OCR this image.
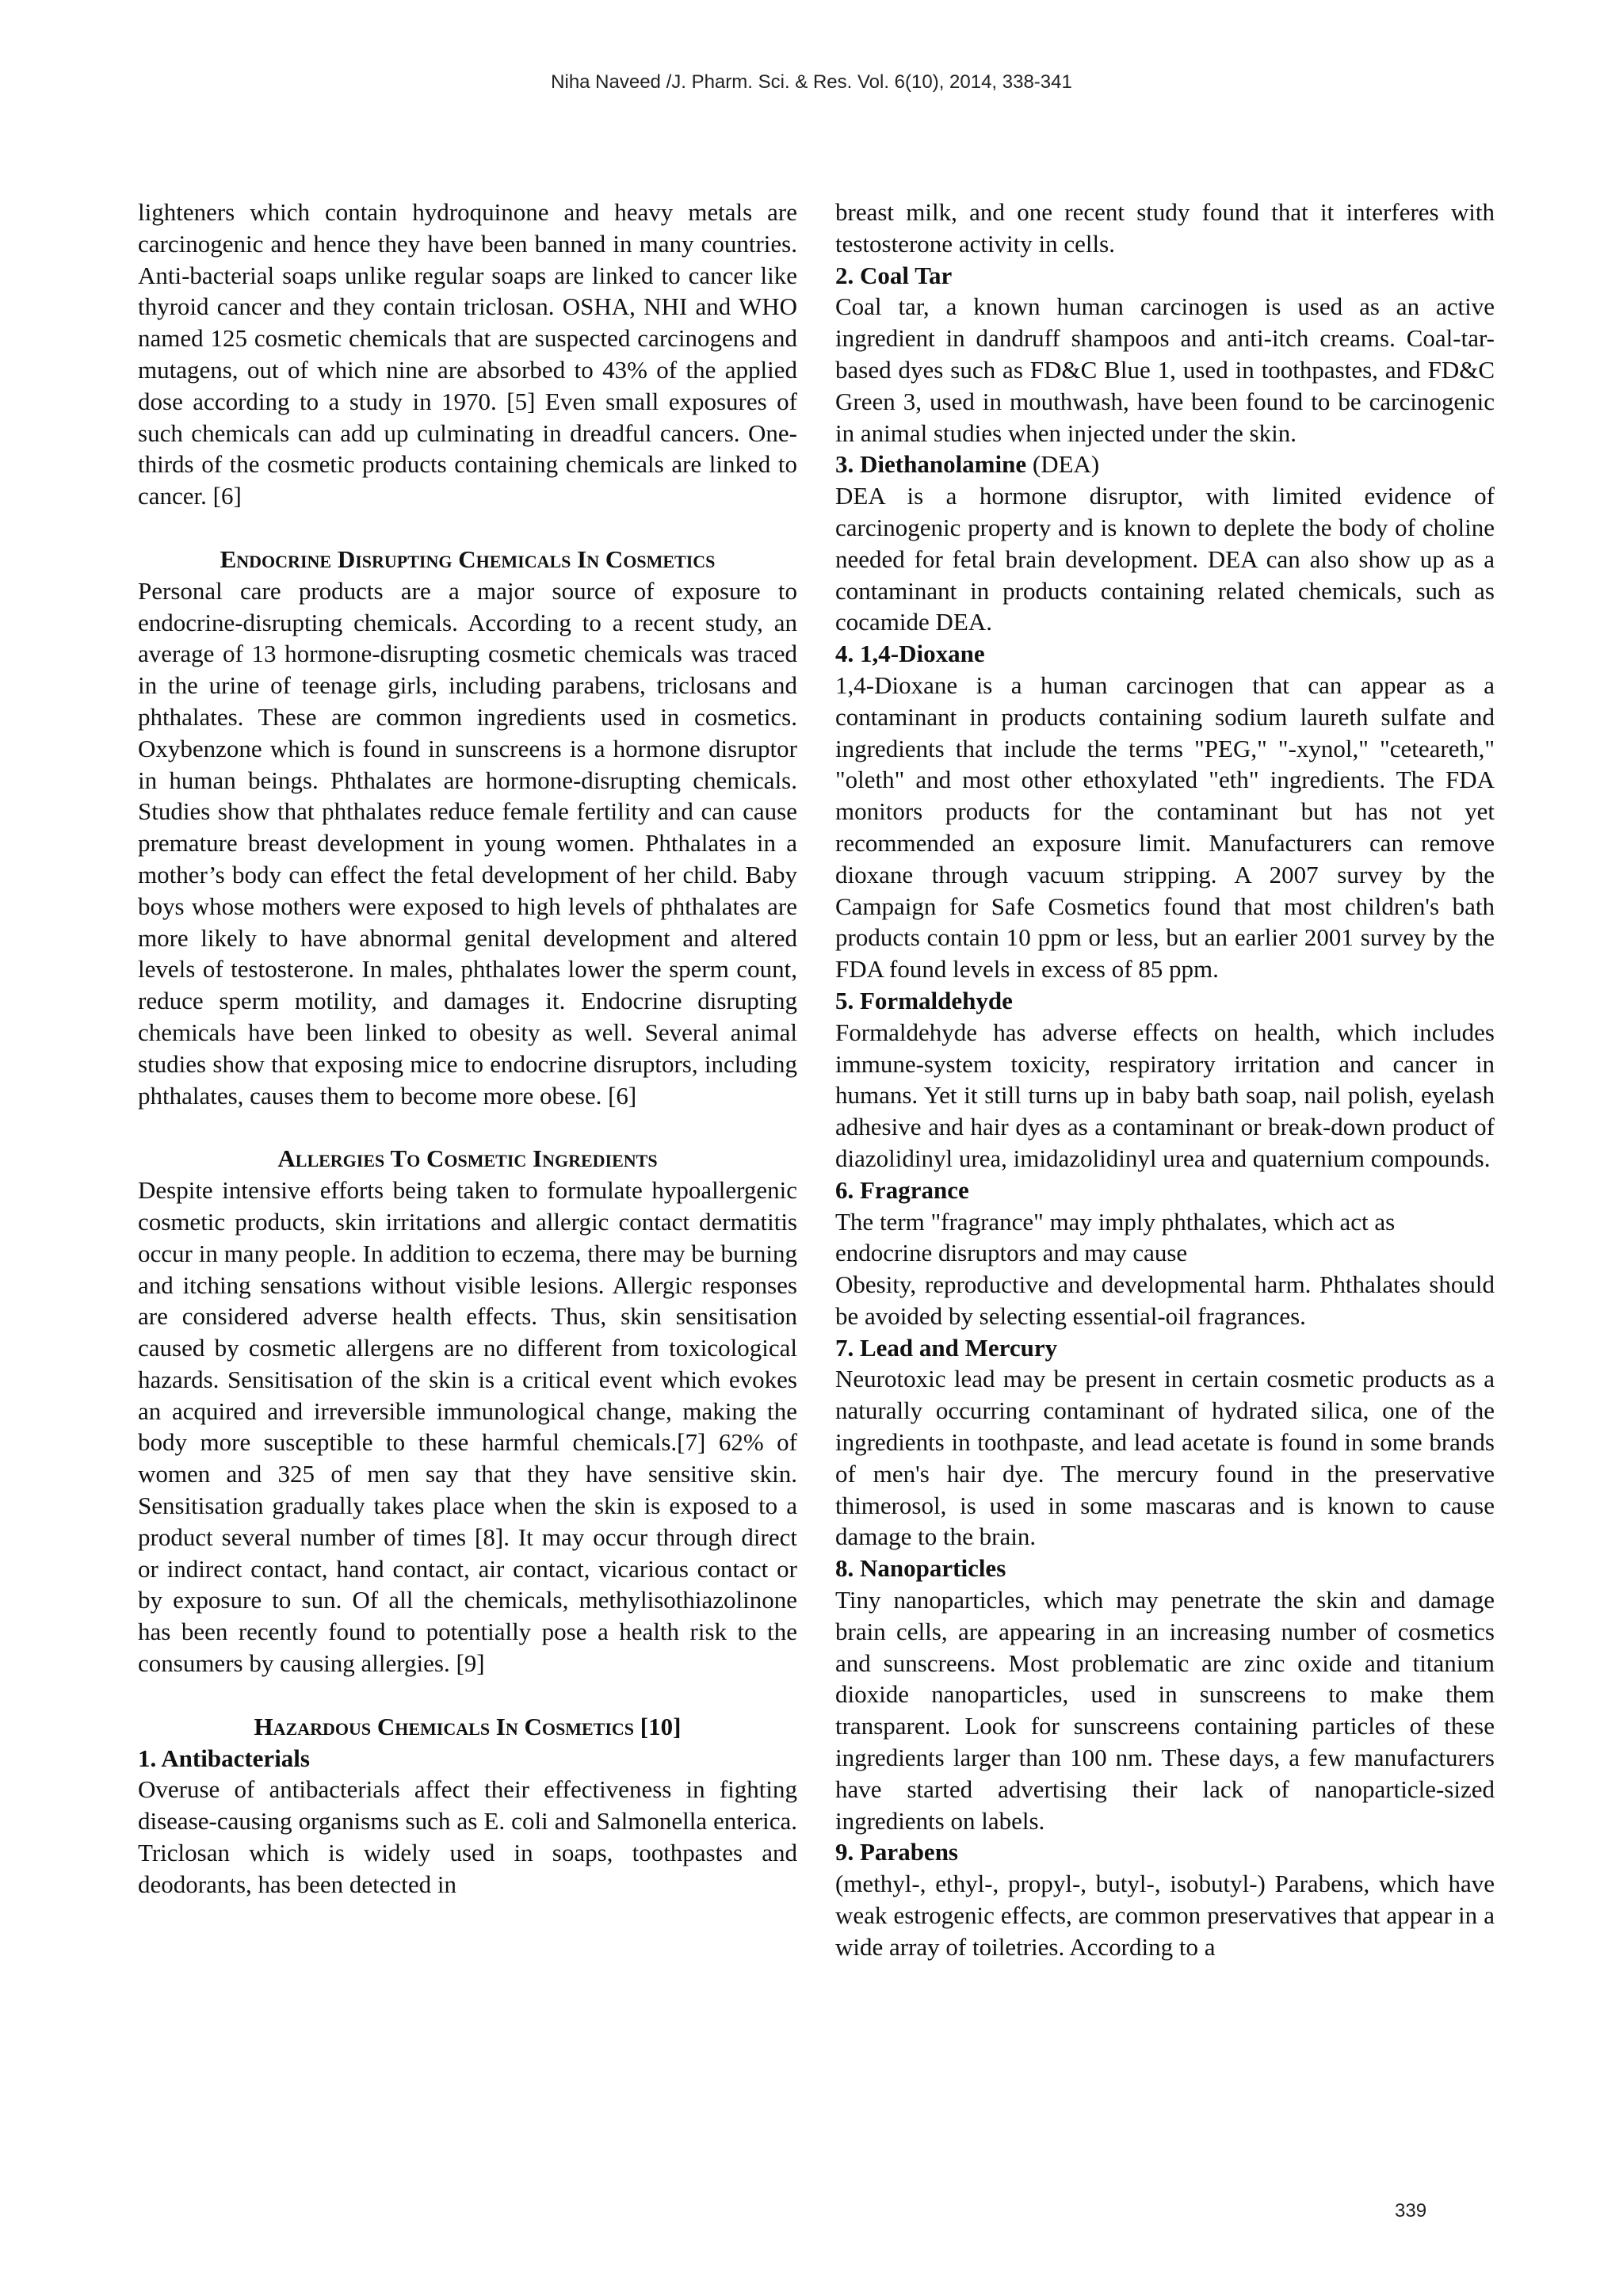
Niha Naveed /J. Pharm. Sci. & Res. Vol. 6(10), 2014, 338-341

lighteners which contain hydroquinone and heavy metals are carcinogenic and hence they have been banned in many countries. Anti-bacterial soaps unlike regular soaps are linked to cancer like thyroid cancer and they contain triclosan. OSHA, NHI and WHO named 125 cosmetic chemicals that are suspected carcinogens and mutagens, out of which nine are absorbed to 43% of the applied dose according to a study in 1970. [5] Even small exposures of such chemicals can add up culminating in dreadful cancers. One-thirds of the cosmetic products containing chemicals are linked to cancer. [6]

Endocrine Disrupting Chemicals In Cosmetics

Personal care products are a major source of exposure to endocrine-disrupting chemicals. According to a recent study, an average of 13 hormone-disrupting cosmetic chemicals was traced in the urine of teenage girls, including parabens, triclosans and phthalates. These are common ingredients used in cosmetics. Oxybenzone which is found in sunscreens is a hormone disruptor in human beings. Phthalates are hormone-disrupting chemicals. Studies show that phthalates reduce female fertility and can cause premature breast development in young women. Phthalates in a mother’s body can effect the fetal development of her child. Baby boys whose mothers were exposed to high levels of phthalates are more likely to have abnormal genital development and altered levels of testosterone. In males, phthalates lower the sperm count, reduce sperm motility, and damages it. Endocrine disrupting chemicals have been linked to obesity as well. Several animal studies show that exposing mice to endocrine disruptors, including phthalates, causes them to become more obese. [6]

Allergies To Cosmetic Ingredients

Despite intensive efforts being taken to formulate hypoallergenic cosmetic products, skin irritations and allergic contact dermatitis occur in many people. In addition to eczema, there may be burning and itching sensations without visible lesions. Allergic responses are considered adverse health effects. Thus, skin sensitisation caused by cosmetic allergens are no different from toxicological hazards. Sensitisation of the skin is a critical event which evokes an acquired and irreversible immunological change, making the body more susceptible to these harmful chemicals.[7] 62% of women and 325 of men say that they have sensitive skin. Sensitisation gradually takes place when the skin is exposed to a product several number of times [8]. It may occur through direct or indirect contact, hand contact, air contact, vicarious contact or by exposure to sun. Of all the chemicals, methylisothiazolinone has been recently found to potentially pose a health risk to the consumers by causing allergies. [9]

Hazardous Chemicals In Cosmetics [10]

1. Antibacterials

Overuse of antibacterials affect their effectiveness in fighting disease-causing organisms such as E. coli and Salmonella enterica. Triclosan which is widely used in soaps, toothpastes and deodorants, has been detected in

breast milk, and one recent study found that it interferes with testosterone activity in cells.

2. Coal Tar

Coal tar, a known human carcinogen is used as an active ingredient in dandruff shampoos and anti-itch creams. Coal-tar-based dyes such as FD&C Blue 1, used in toothpastes, and FD&C Green 3, used in mouthwash, have been found to be carcinogenic in animal studies when injected under the skin.

3. Diethanolamine (DEA)

DEA is a hormone disruptor, with limited evidence of carcinogenic property and is known to deplete the body of choline needed for fetal brain development. DEA can also show up as a contaminant in products containing related chemicals, such as cocamide DEA.

4. 1,4-Dioxane

1,4-Dioxane is a human carcinogen that can appear as a contaminant in products containing sodium laureth sulfate and ingredients that include the terms "PEG," "-xynol," "ceteareth," "oleth" and most other ethoxylated "eth" ingredients. The FDA monitors products for the contaminant but has not yet recommended an exposure limit. Manufacturers can remove dioxane through vacuum stripping. A 2007 survey by the Campaign for Safe Cosmetics found that most children's bath products contain 10 ppm or less, but an earlier 2001 survey by the FDA found levels in excess of 85 ppm.

5. Formaldehyde

Formaldehyde has adverse effects on health, which includes immune-system toxicity, respiratory irritation and cancer in humans. Yet it still turns up in baby bath soap, nail polish, eyelash adhesive and hair dyes as a contaminant or break-down product of diazolidinyl urea, imidazolidinyl urea and quaternium compounds.

6. Fragrance

The term "fragrance" may imply phthalates, which act as endocrine disruptors and may cause

Obesity, reproductive and developmental harm. Phthalates should be avoided by selecting essential-oil fragrances.

7. Lead and Mercury

Neurotoxic lead may be present in certain cosmetic products as a naturally occurring contaminant of hydrated silica, one of the ingredients in toothpaste, and lead acetate is found in some brands of men's hair dye. The mercury found in the preservative thimerosol, is used in some mascaras and is known to cause damage to the brain.

8. Nanoparticles

Tiny nanoparticles, which may penetrate the skin and damage brain cells, are appearing in an increasing number of cosmetics and sunscreens. Most problematic are zinc oxide and titanium dioxide nanoparticles, used in sunscreens to make them transparent. Look for sunscreens containing particles of these ingredients larger than 100 nm. These days, a few manufacturers have started advertising their lack of nanoparticle-sized ingredients on labels.

9. Parabens

(methyl-, ethyl-, propyl-, butyl-, isobutyl-) Parabens, which have weak estrogenic effects, are common preservatives that appear in a wide array of toiletries. According to a

339
